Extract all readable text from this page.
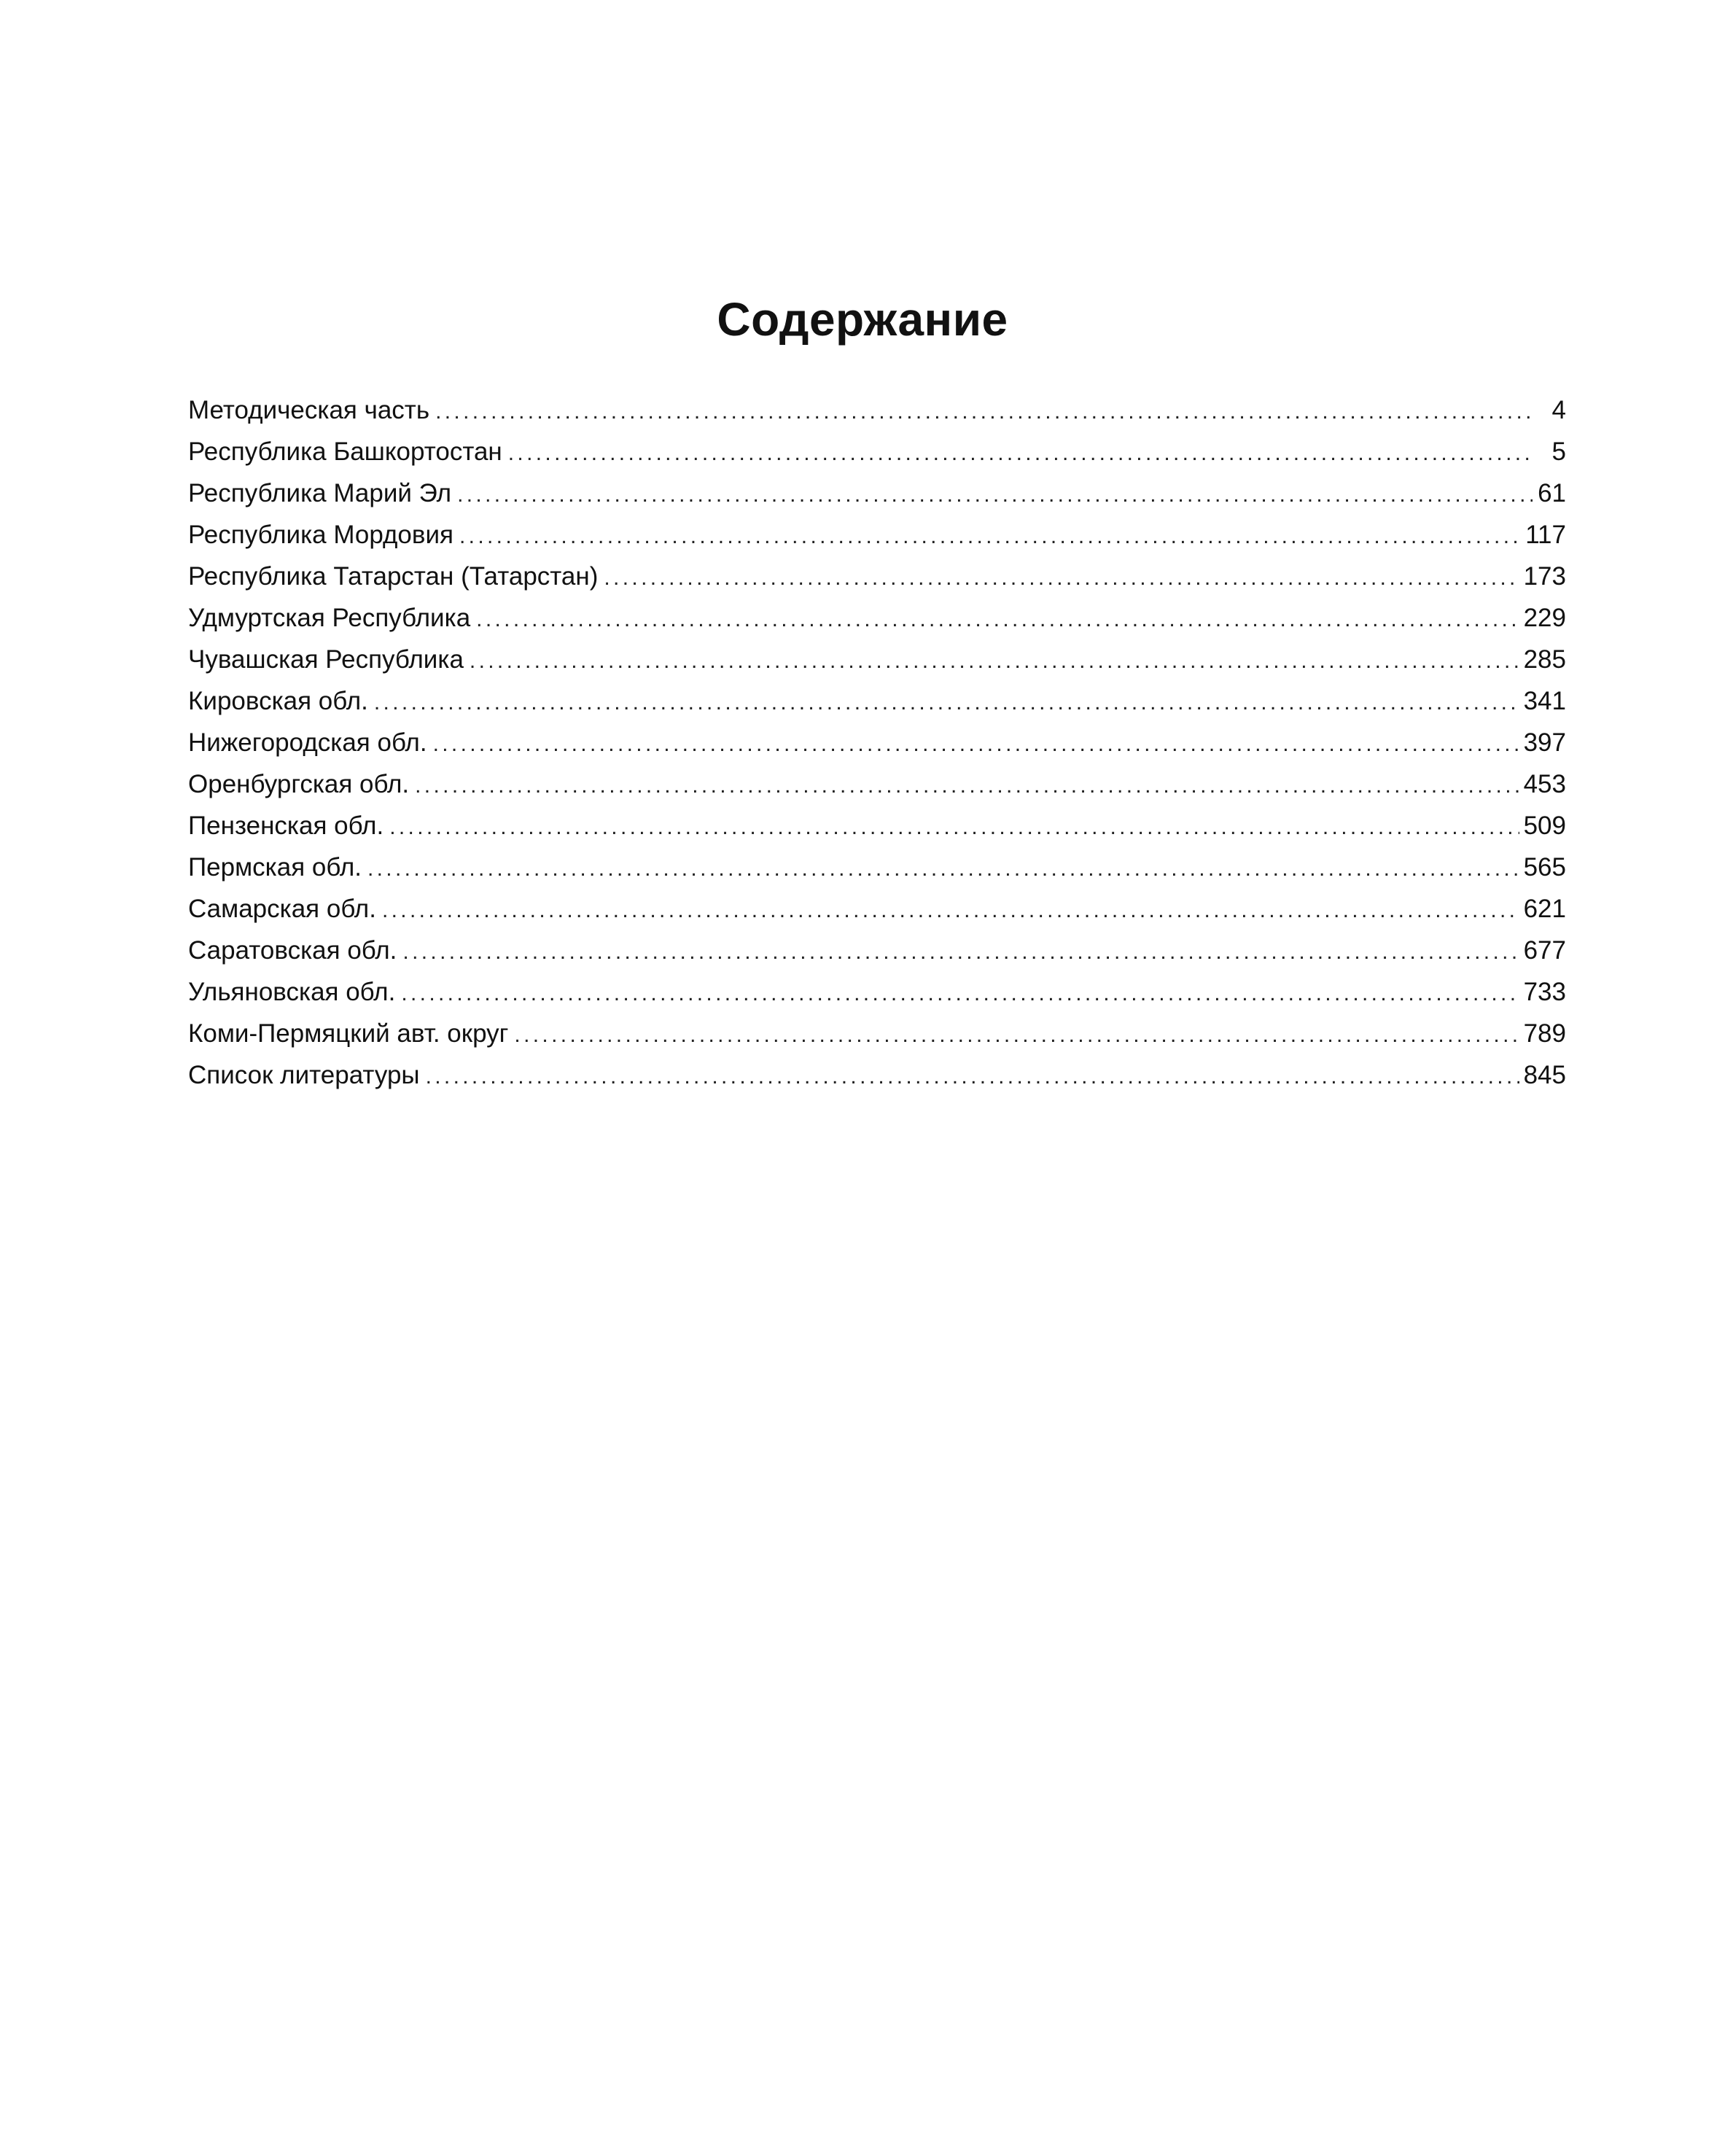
Содержание
Методическая часть . . .	4
Республика Башкортостан . . .	5
Республика Марий Эл . . .	61
Республика Мордовия . . .	117
Республика Татарстан (Татарстан) . . .	173
Удмуртская Республика . . .	229
Чувашская Республика . . .	285
Кировская обл. . . .	341
Нижегородская обл. . . .	397
Оренбургская обл. . . .	453
Пензенская обл. . . .	509
Пермская обл. . . .	565
Самарская обл. . . .	621
Саратовская обл. . . .	677
Ульяновская обл. . . .	733
Коми-Пермяцкий авт. округ . . .	789
Список литературы . . .	845
